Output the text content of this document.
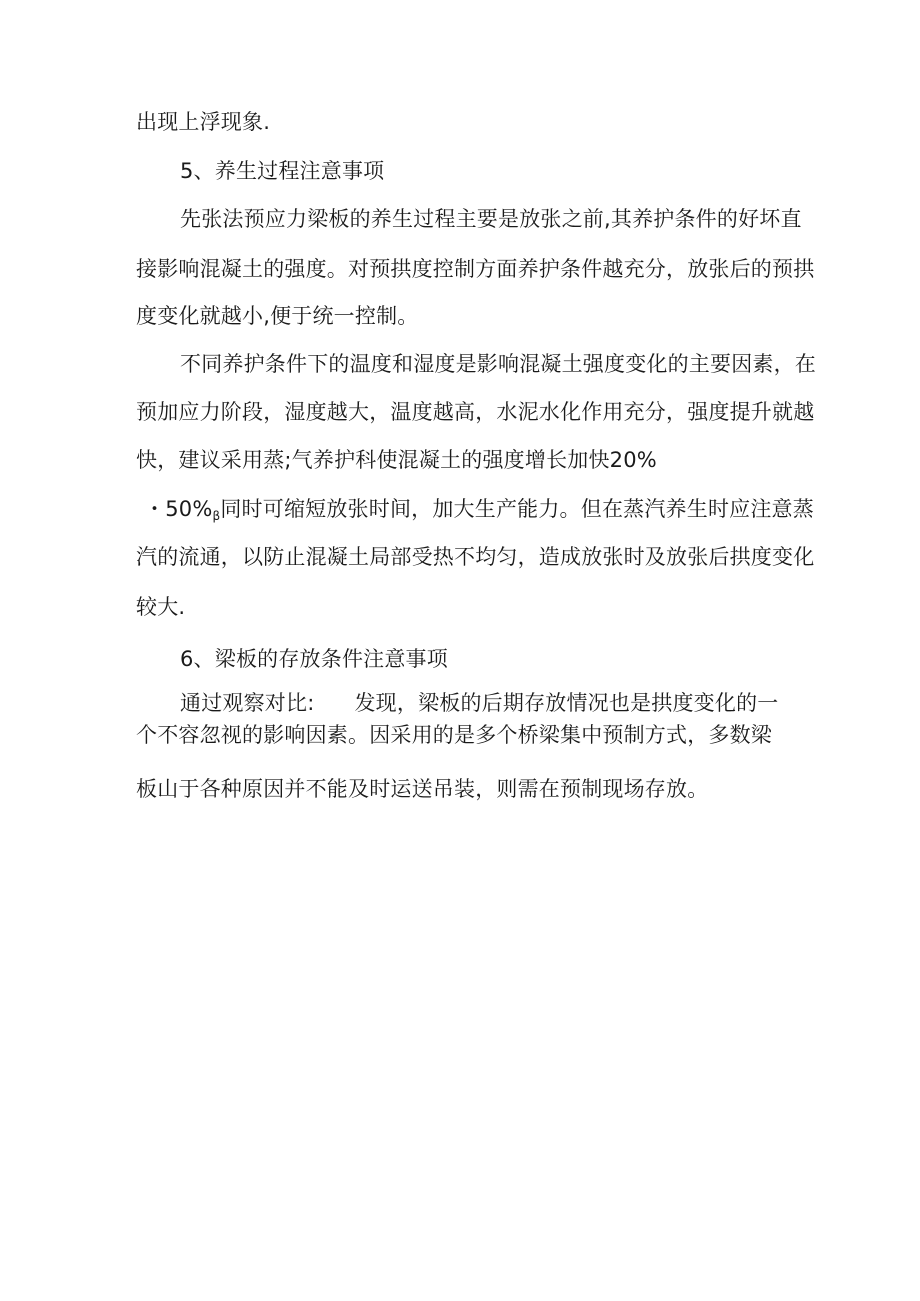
出现上浮现象.
5、养生过程注意事项
先张法预应力梁板的养生过程主要是放张之前,其养护条件的好坏直
接影响混凝土的强度。对预拱度控制方面养护条件越充分，放张后的预拱
度变化就越小,便于统一控制。
不同养护条件下的温度和湿度是影响混凝土强度变化的主要因素，在
预加应力阶段，湿度越大，温度越高，水泥水化作用充分，强度提升就越
快，建议采用蒸;气养护科使混凝土的强度增长加快20%
・$50\%_\beta$同时可缩短放张时间，加大生产能力。但在蒸汽养生时应注意蒸
汽的流通，以防止混凝土局部受热不均匀，造成放张时及放张后拱度变化
较大.
6、梁板的存放条件注意事项
通过观察对比: 发现，梁板的后期存放情况也是拱度变化的一
个不容忽视的影响因素。因采用的是多个桥梁集中预制方式，多数梁
板山于各种原因并不能及时运送吊装，则需在预制现场存放。
